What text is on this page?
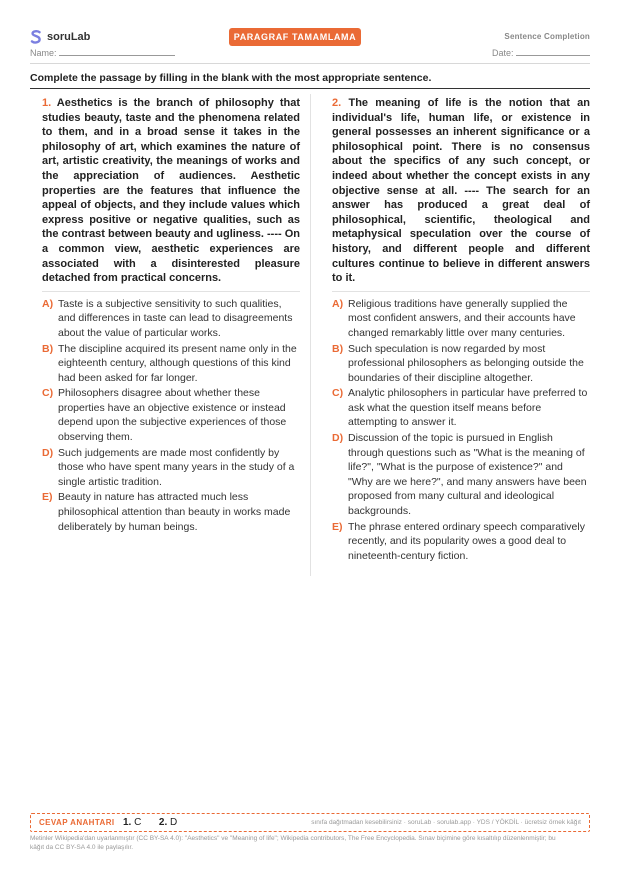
soruLab	PARAGRAF TAMAMLAMA	Sentence Completion
Name:	Date:
Complete the passage by filling in the blank with the most appropriate sentence.
1. Aesthetics is the branch of philosophy that studies beauty, taste and the phenomena related to them, and in a broad sense it takes in the philosophy of art, which examines the nature of art, artistic creativity, the meanings of works and the appreciation of audiences. Aesthetic properties are the features that influence the appeal of objects, and they include values which express positive or negative qualities, such as the contrast between beauty and ugliness. ---- On a common view, aesthetic experiences are associated with a disinterested pleasure detached from practical concerns.
A) Taste is a subjective sensitivity to such qualities, and differences in taste can lead to disagreements about the value of particular works.
B) The discipline acquired its present name only in the eighteenth century, although questions of this kind had been asked for far longer.
C) Philosophers disagree about whether these properties have an objective existence or instead depend upon the subjective experiences of those observing them.
D) Such judgements are made most confidently by those who have spent many years in the study of a single artistic tradition.
E) Beauty in nature has attracted much less philosophical attention than beauty in works made deliberately by human beings.
2. The meaning of life is the notion that an individual's life, human life, or existence in general possesses an inherent significance or a philosophical point. There is no consensus about the specifics of any such concept, or indeed about whether the concept exists in any objective sense at all. ---- The search for an answer has produced a great deal of philosophical, scientific, theological and metaphysical speculation over the course of history, and different people and different cultures continue to believe in different answers to it.
A) Religious traditions have generally supplied the most confident answers, and their accounts have changed remarkably little over many centuries.
B) Such speculation is now regarded by most professional philosophers as belonging outside the boundaries of their discipline altogether.
C) Analytic philosophers in particular have preferred to ask what the question itself means before attempting to answer it.
D) Discussion of the topic is pursued in English through questions such as "What is the meaning of life?", "What is the purpose of existence?" and "Why are we here?", and many answers have been proposed from many cultural and ideological backgrounds.
E) The phrase entered ordinary speech comparatively recently, and its popularity owes a good deal to nineteenth-century fiction.
CEVAP ANAHTARI 1. C 2. D	sınıfa dağıtmadan kesebilirsiniz · soruLab · sorulab.app · YDS / YÖKDİL · ücretsiz örnek kâğıt
Metinler Wikipedia'dan uyarlanmıştır (CC BY-SA 4.0): "Aesthetics" ve "Meaning of life"; Wikipedia contributors, The Free Encyclopedia. Sınav biçimine göre kısaltılıp düzenlenmiştir; bu kâğıt da CC BY-SA 4.0 ile paylaşılır.
